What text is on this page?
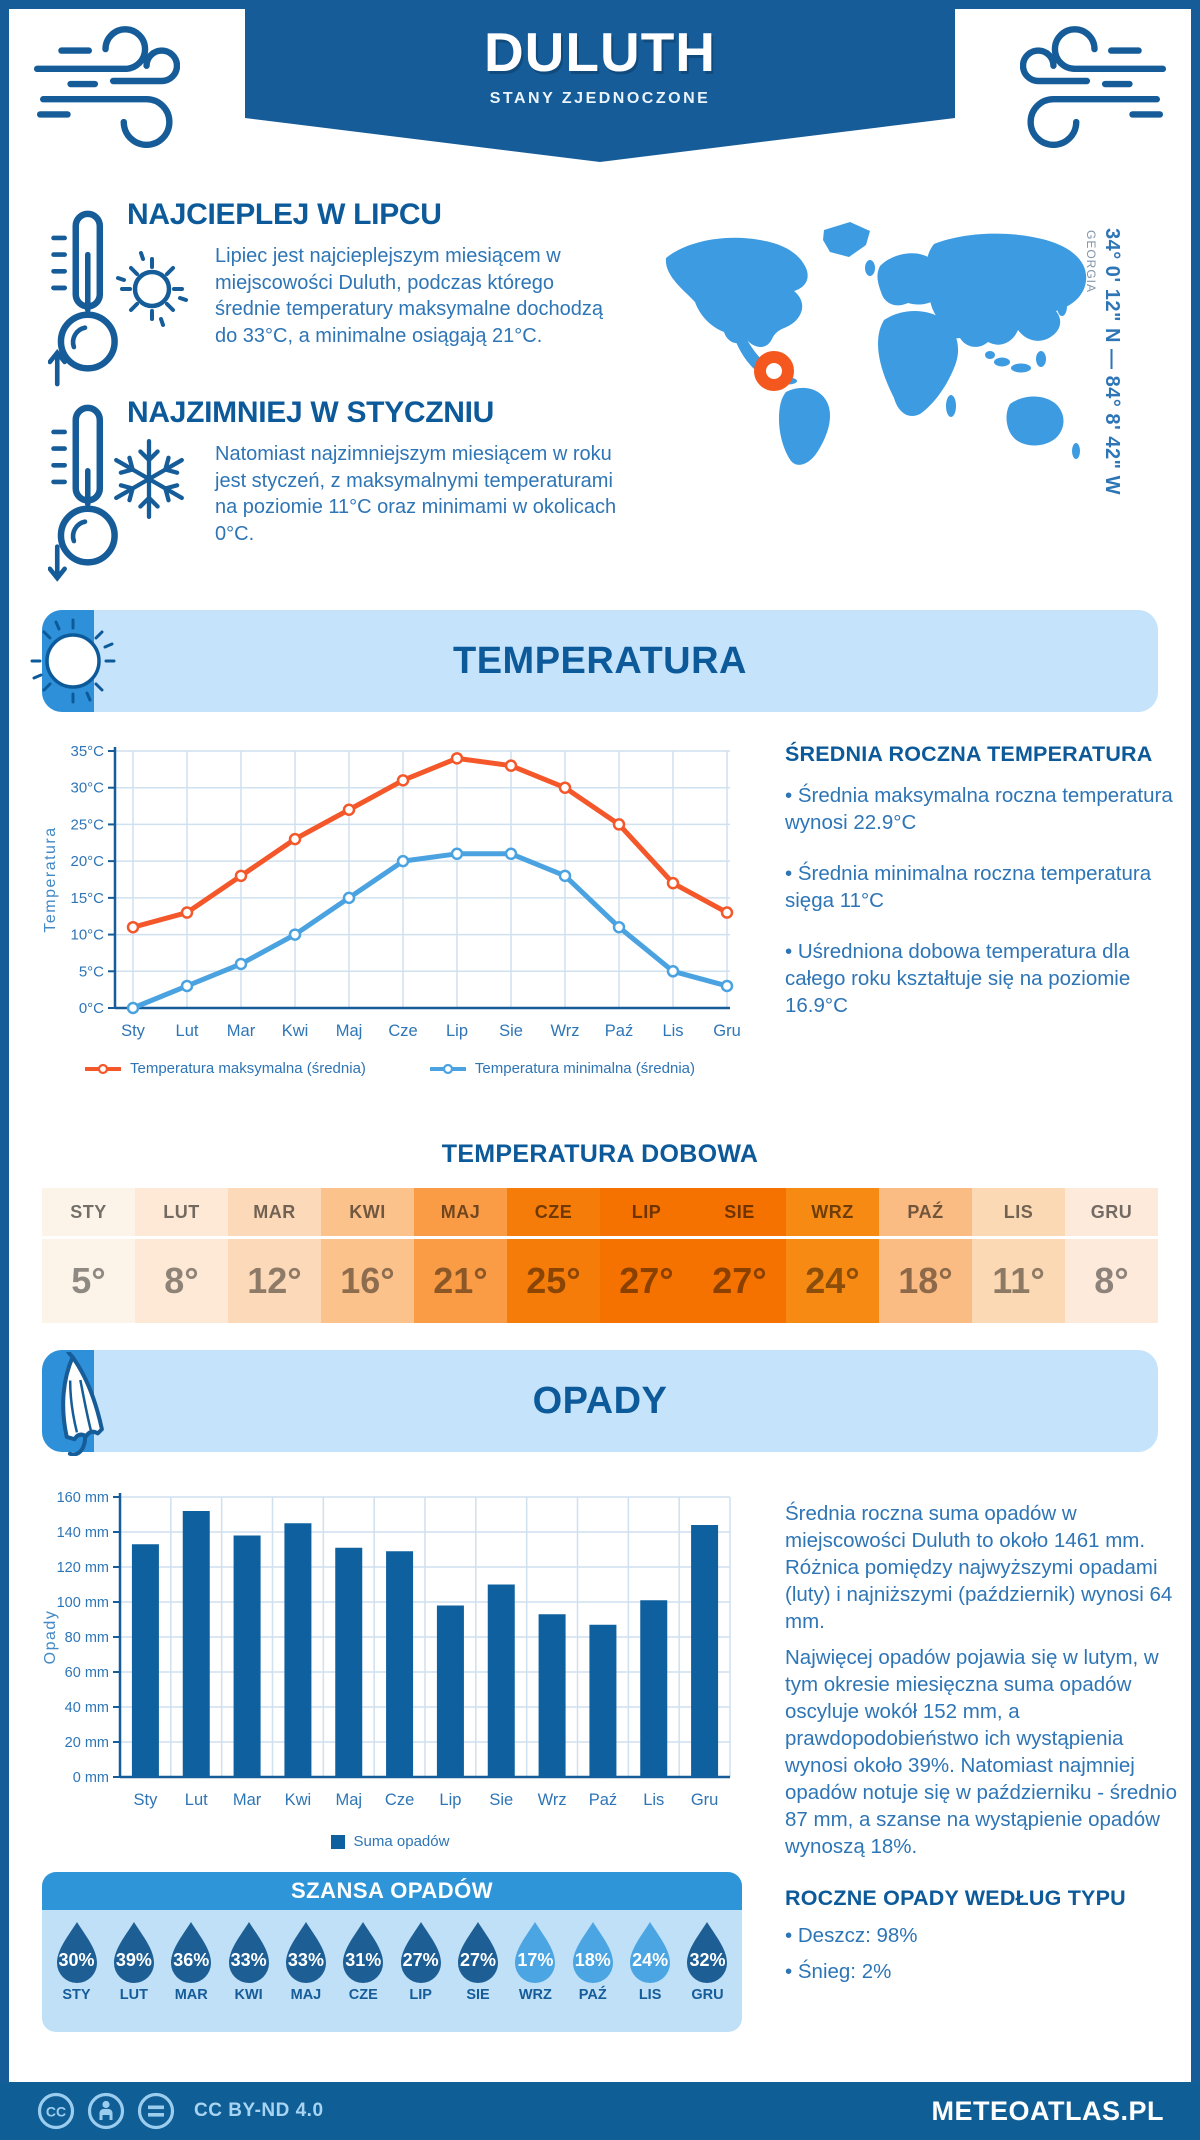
DULUTH
STANY ZJEDNOCZONE
NAJCIEPLEJ W LIPCU
Lipiec jest najcieplejszym miesiącem w miejscowości Duluth, podczas którego średnie temperatury maksymalne dochodzą do 33°C, a minimalne osiągają 21°C.
NAJZIMNIEJ W STYCZNIU
Natomiast najzimniejszym miesiącem w roku jest styczeń, z maksymalnymi temperaturami na poziomie 11°C oraz minimami w okolicach 0°C.
GEORGIA 34° 0' 12" N — 84° 8' 42" W
TEMPERATURA
0°C
5°C
10°C
15°C
20°C
25°C
30°C
35°C
Sty Lut Mar Kwi Maj Cze Lip Sie Wrz Paź Lis Gru
Temperatura
Temperatura maksymalna (średnia)	Temperatura minimalna (średnia)
ŚREDNIA ROCZNA TEMPERATURA
• Średnia maksymalna roczna temperatura wynosi 22.9°C
• Średnia minimalna roczna temperatura sięga 11°C
• Uśredniona dobowa temperatura dla całego roku kształtuje się na poziomie 16.9°C
TEMPERATURA DOBOWA
STY	LUT	MAR	KWI	MAJ	CZE	LIP	SIE	WRZ	PAŹ	LIS	GRU
5°	8°	12°	16°	21°	25°	27°	27°	24°	18°	11°	8°
OPADY
0 mm
20 mm
40 mm
60 mm
80 mm
100 mm
120 mm
140 mm
160 mm
Sty Lut Mar Kwi Maj Cze Lip Sie Wrz Paź Lis Gru
Opady
Suma opadów
Średnia roczna suma opadów w miejscowości Duluth to około 1461 mm. Różnica pomiędzy najwyższymi opadami (luty) i najniższymi (październik) wynosi 64 mm.
Najwięcej opadów pojawia się w lutym, w tym okresie miesięczna suma opadów oscyluje wokół 152 mm, a prawdopodobieństwo ich wystąpienia wynosi około 39%. Natomiast najmniej opadów notuje się w październiku - średnio 87 mm, a szanse na wystąpienie opadów wynoszą 18%.
SZANSA OPADÓW
30%
STY
39%
LUT
36%
MAR
33%
KWI
33%
MAJ
31%
CZE
27%
LIP
27%
SIE
17%
WRZ
18%
PAŹ
24%
LIS
32%
GRU
ROCZNE OPADY WEDŁUG TYPU
• Deszcz: 98%
• Śnieg: 2%
CC	CC BY-ND 4.0	METEOATLAS.PL
